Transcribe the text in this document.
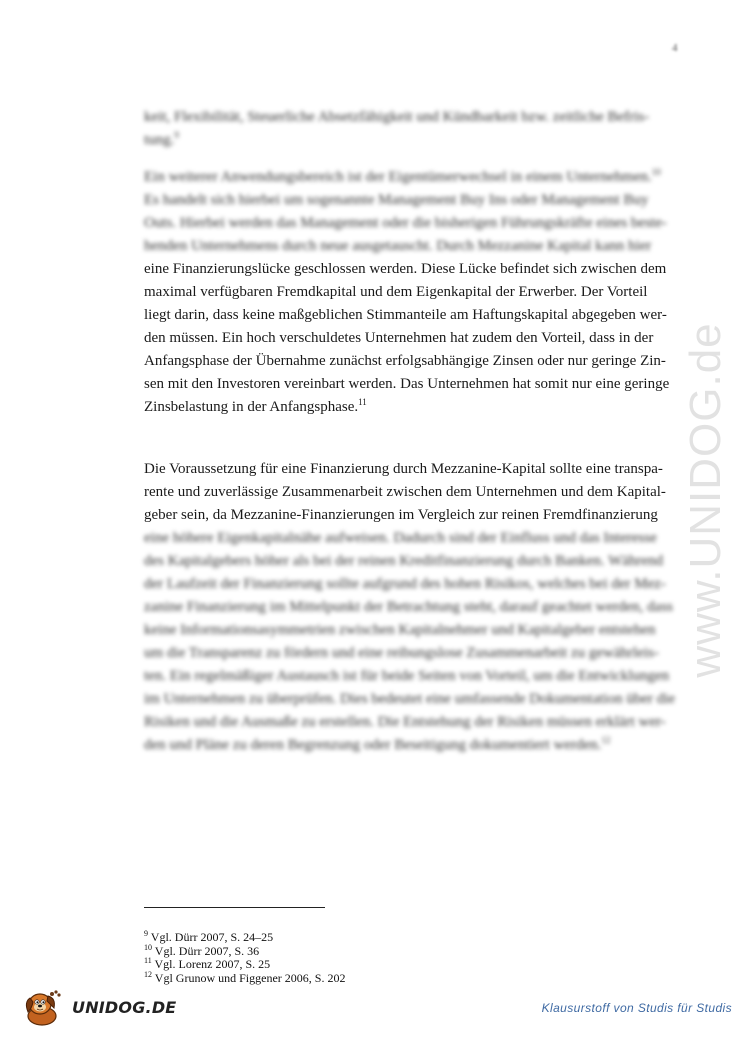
4
www.UNIDOG.de
keit, Flexibilität, Steuerliche Absetzfähigkeit und Kündbarkeit bzw. zeitliche Befris-
tung.$^9$
Ein weiterer Anwendungsbereich ist der Eigentümerwechsel in einem Unternehmen.$^{10}$
Es handelt sich hierbei um sogenannte Management Buy Ins oder Management Buy
Outs. Hierbei werden das Management oder die bisherigen Führungskräfte eines beste-
henden Unternehmens durch neue ausgetauscht. Durch Mezzanine Kapital kann hier
eine Finanzierungslücke geschlossen werden. Diese Lücke befindet sich zwischen dem
maximal verfügbaren Fremdkapital und dem Eigenkapital der Erwerber. Der Vorteil
liegt darin, dass keine maßgeblichen Stimmanteile am Haftungskapital abgegeben wer-
den müssen. Ein hoch verschuldetes Unternehmen hat zudem den Vorteil, dass in der
Anfangsphase der Übernahme zunächst erfolgsabhängige Zinsen oder nur geringe Zin-
sen mit den Investoren vereinbart werden. Das Unternehmen hat somit nur eine geringe
Zinsbelastung in der Anfangsphase.$^{11}$
Die Voraussetzung für eine Finanzierung durch Mezzanine-Kapital sollte eine transpa-
rente und zuverlässige Zusammenarbeit zwischen dem Unternehmen und dem Kapital-
geber sein, da Mezzanine-Finanzierungen im Vergleich zur reinen Fremdfinanzierung
eine höhere Eigenkapitalnähe aufweisen. Dadurch sind der Einfluss und das Interesse
des Kapitalgebers höher als bei der reinen Kreditfinanzierung durch Banken. Während
der Laufzeit der Finanzierung sollte aufgrund des hohen Risikos, welches bei der Mez-
zanine Finanzierung im Mittelpunkt der Betrachtung steht, darauf geachtet werden, dass
keine Informationsasymmetrien zwischen Kapitalnehmer und Kapitalgeber entstehen
um die Transparenz zu fördern und eine reibungslose Zusammenarbeit zu gewährleis-
ten. Ein regelmäßiger Austausch ist für beide Seiten von Vorteil, um die Entwicklungen
im Unternehmen zu überprüfen. Dies bedeutet eine umfassende Dokumentation über die
Risiken und die Ausmaße zu erstellen. Die Entstehung der Risiken müssen erklärt wer-
den und Pläne zu deren Begrenzung oder Beseitigung dokumentiert werden.$^{12}$
$^9$ Vgl. Dürr 2007, S. 24–25
$^{10}$ Vgl. Dürr 2007, S. 36
$^{11}$ Vgl. Lorenz 2007, S. 25
$^{12}$ Vgl Grunow und Figgener 2006, S. 202
UNIDOG.DE	Klausurstoff von Studis für Studis
